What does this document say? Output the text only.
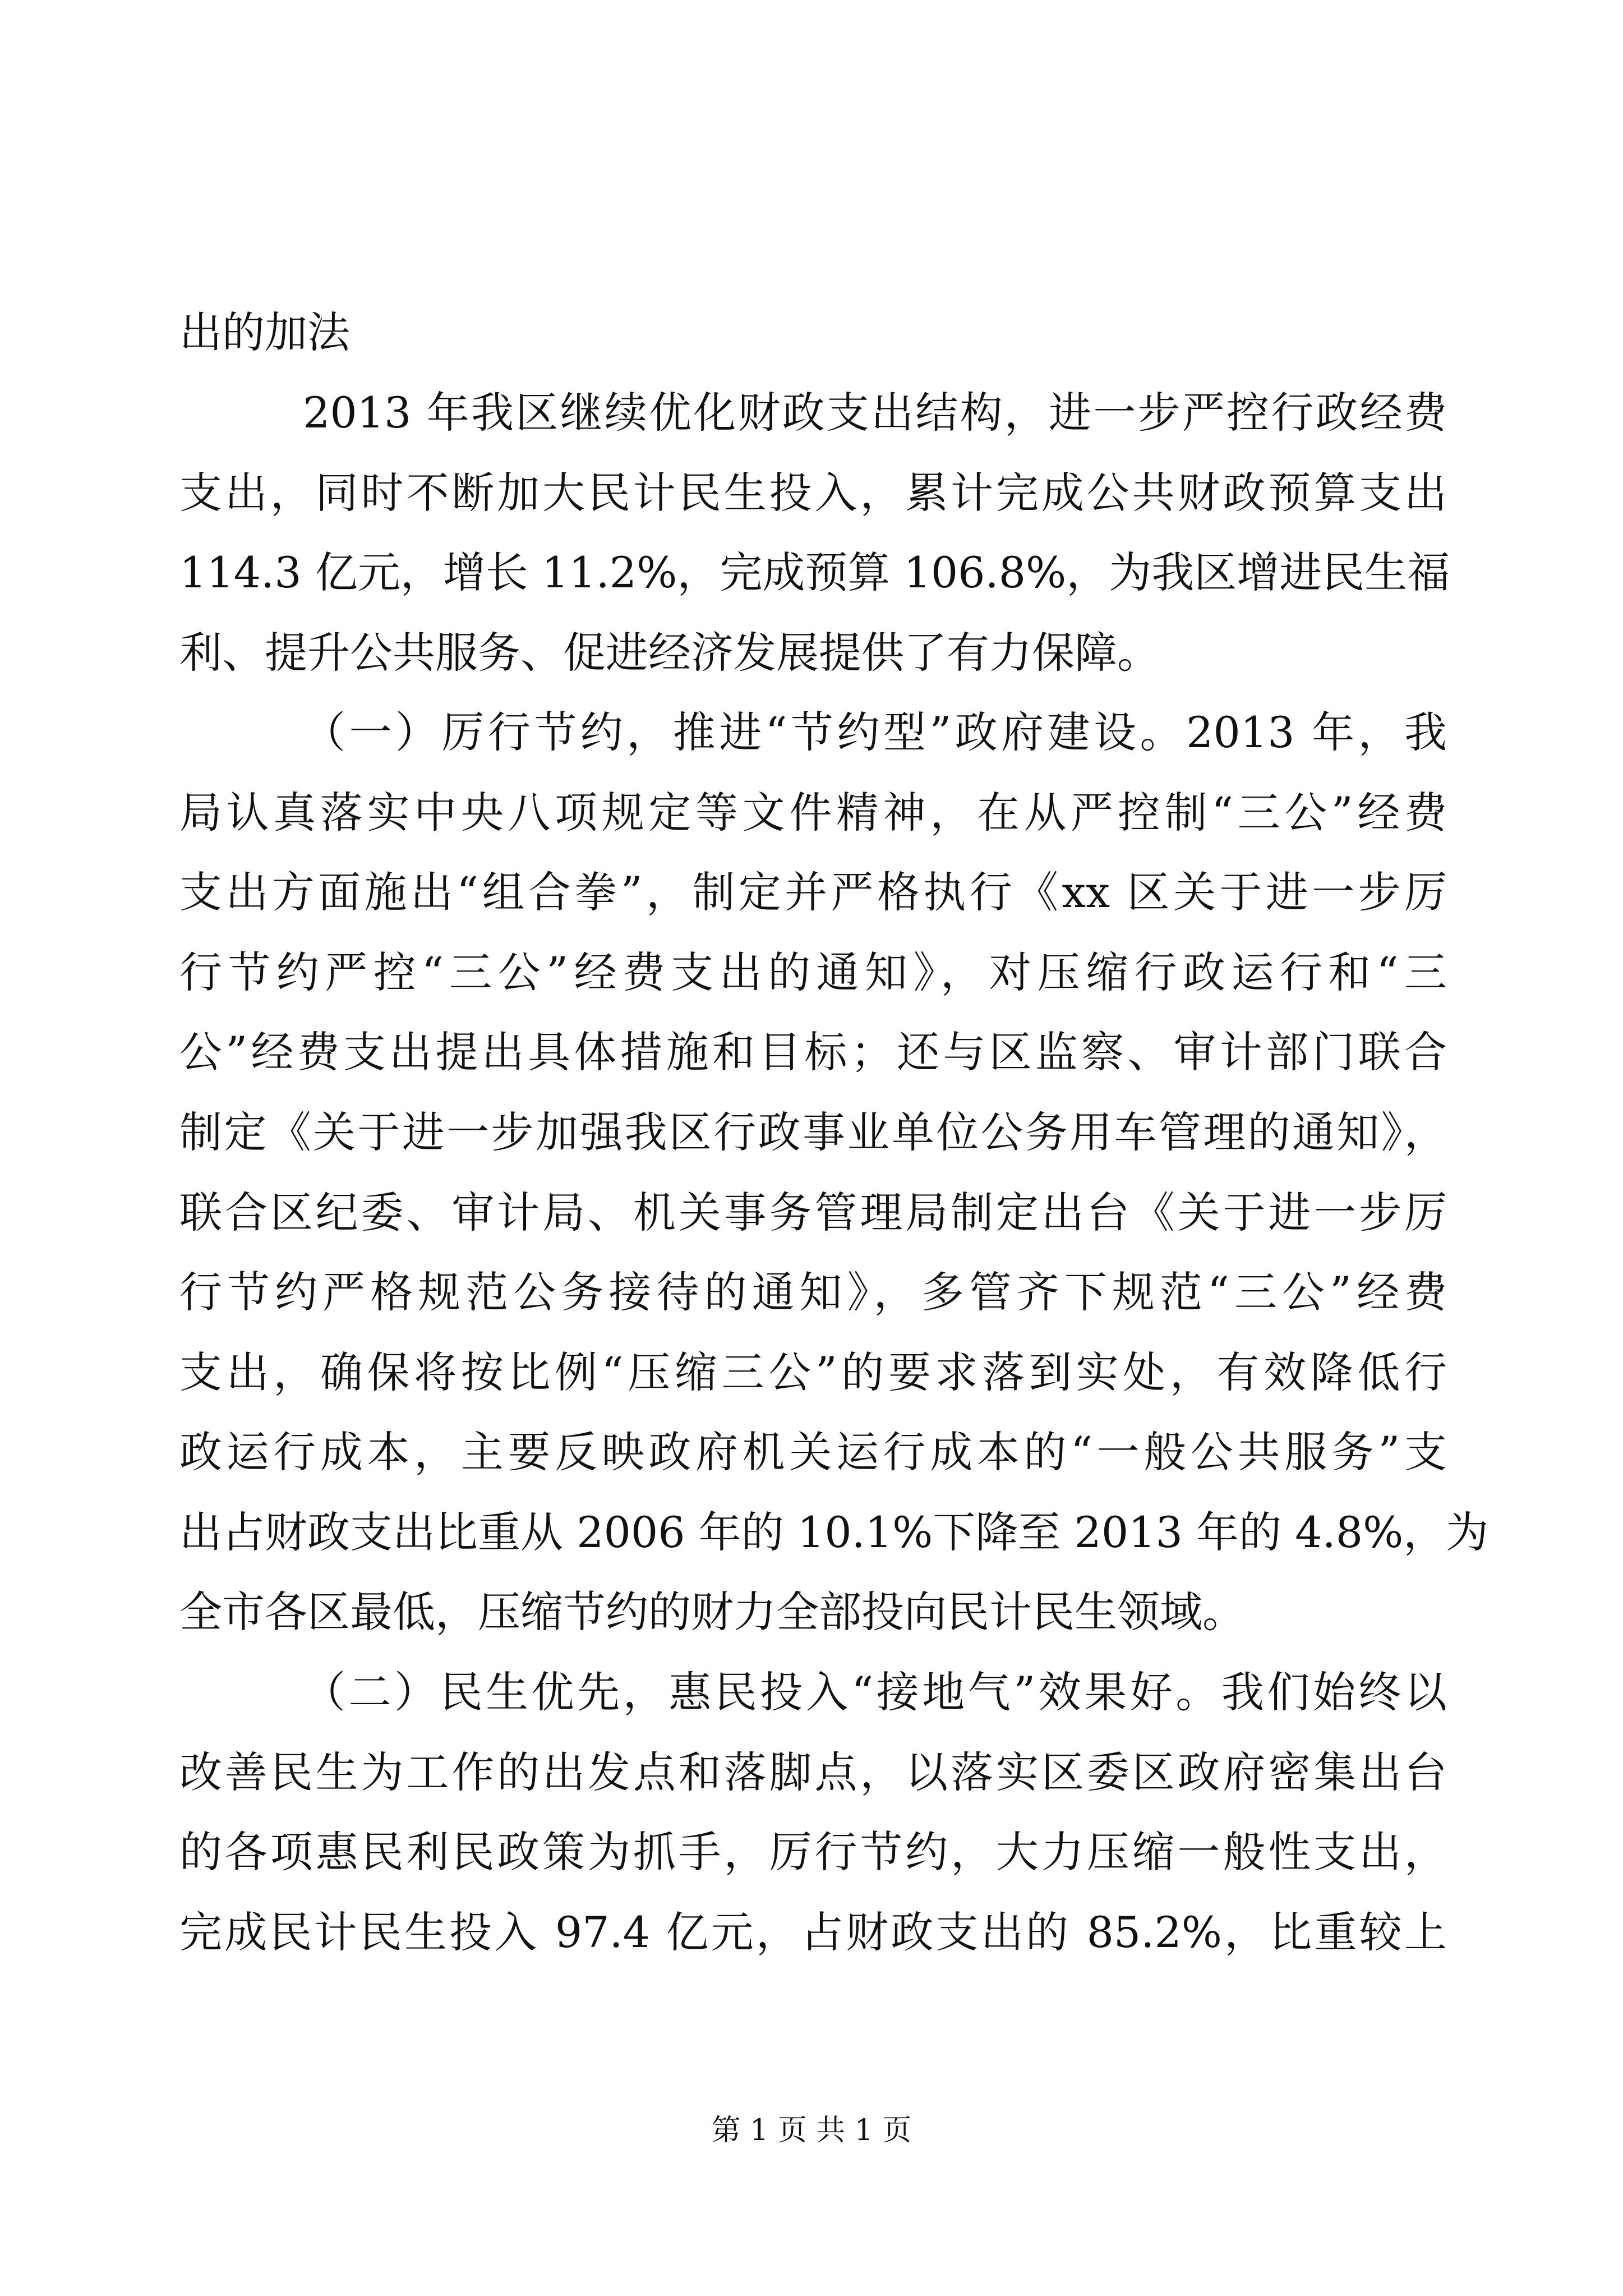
出的加法
2013 年我区继续优化财政支出结构，进一步严控行政经费
支出，同时不断加大民计民生投入，累计完成公共财政预算支出
114.3 亿元，增长 11.2%，完成预算 106.8%，为我区增进民生福
利、提升公共服务、促进经济发展提供了有力保障。
（一）厉行节约，推进“节约型”政府建设。2013 年，我
局认真落实中央八项规定等文件精神，在从严控制“三公”经费
支出方面施出“组合拳”，制定并严格执行《xx 区关于进一步厉
行节约严控“三公”经费支出的通知》，对压缩行政运行和“三
公”经费支出提出具体措施和目标；还与区监察、审计部门联合
制定《关于进一步加强我区行政事业单位公务用车管理的通知》，
联合区纪委、审计局、机关事务管理局制定出台《关于进一步厉
行节约严格规范公务接待的通知》，多管齐下规范“三公”经费
支出，确保将按比例“压缩三公”的要求落到实处，有效降低行
政运行成本，主要反映政府机关运行成本的“一般公共服务”支
出占财政支出比重从 2006 年的 10.1%下降至 2013 年的 4.8%，为
全市各区最低，压缩节约的财力全部投向民计民生领域。
（二）民生优先，惠民投入“接地气”效果好。我们始终以
改善民生为工作的出发点和落脚点，以落实区委区政府密集出台
的各项惠民利民政策为抓手，厉行节约，大力压缩一般性支出，
完成民计民生投入 97.4 亿元，占财政支出的 85.2%，比重较上
第 1 页 共 1 页
